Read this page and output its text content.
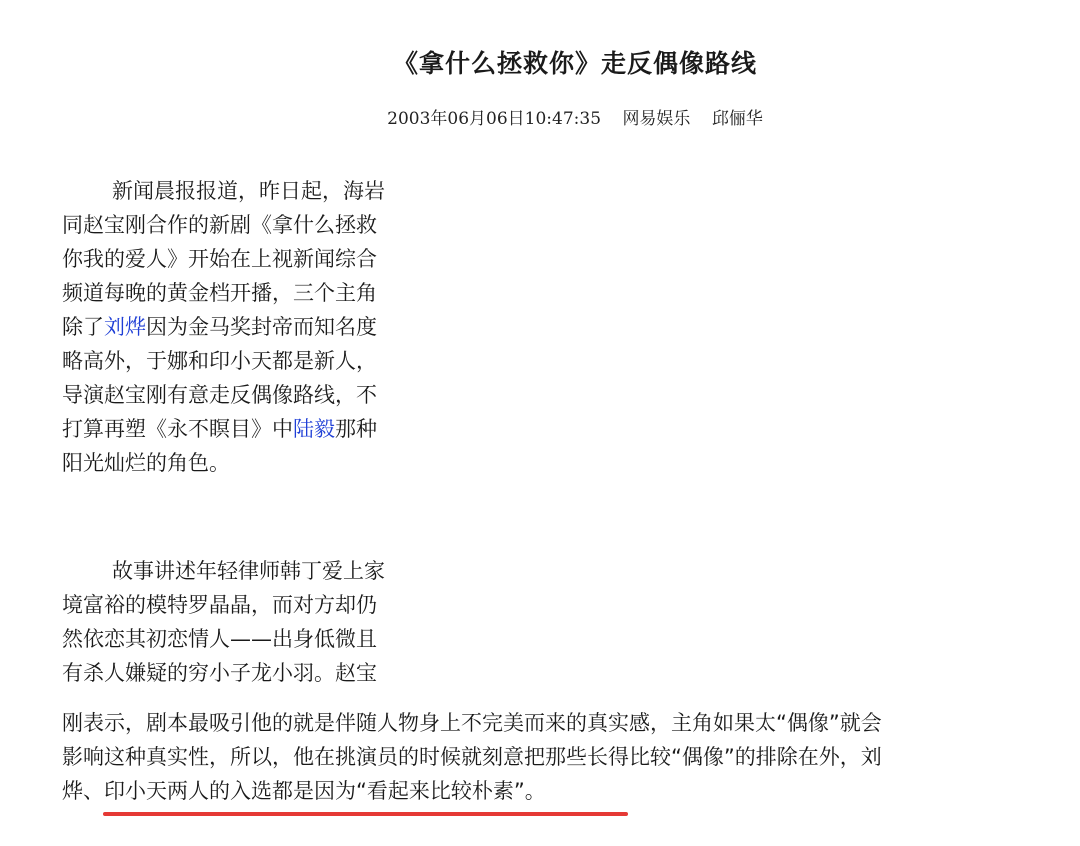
《拿什么拯救你》走反偶像路线
2003年06月06日10:47:35 网易娱乐 邱俪华
新闻晨报报道，昨日起，海岩
同赵宝刚合作的新剧《拿什么拯救
你我的爱人》开始在上视新闻综合
频道每晚的黄金档开播，三个主角
除了刘烨因为金马奖封帝而知名度
略高外，于娜和印小天都是新人，
导演赵宝刚有意走反偶像路线，不
打算再塑《永不瞑目》中陆毅那种
阳光灿烂的角色。
故事讲述年轻律师韩丁爱上家
境富裕的模特罗晶晶，而对方却仍
然依恋其初恋情人——出身低微且
有杀人嫌疑的穷小子龙小羽。赵宝
刚表示，剧本最吸引他的就是伴随人物身上不完美而来的真实感，主角如果太“偶像”就会
影响这种真实性，所以，他在挑演员的时候就刻意把那些长得比较“偶像”的排除在外，刘
烨、印小天两人的入选都是因为“看起来比较朴素”。
